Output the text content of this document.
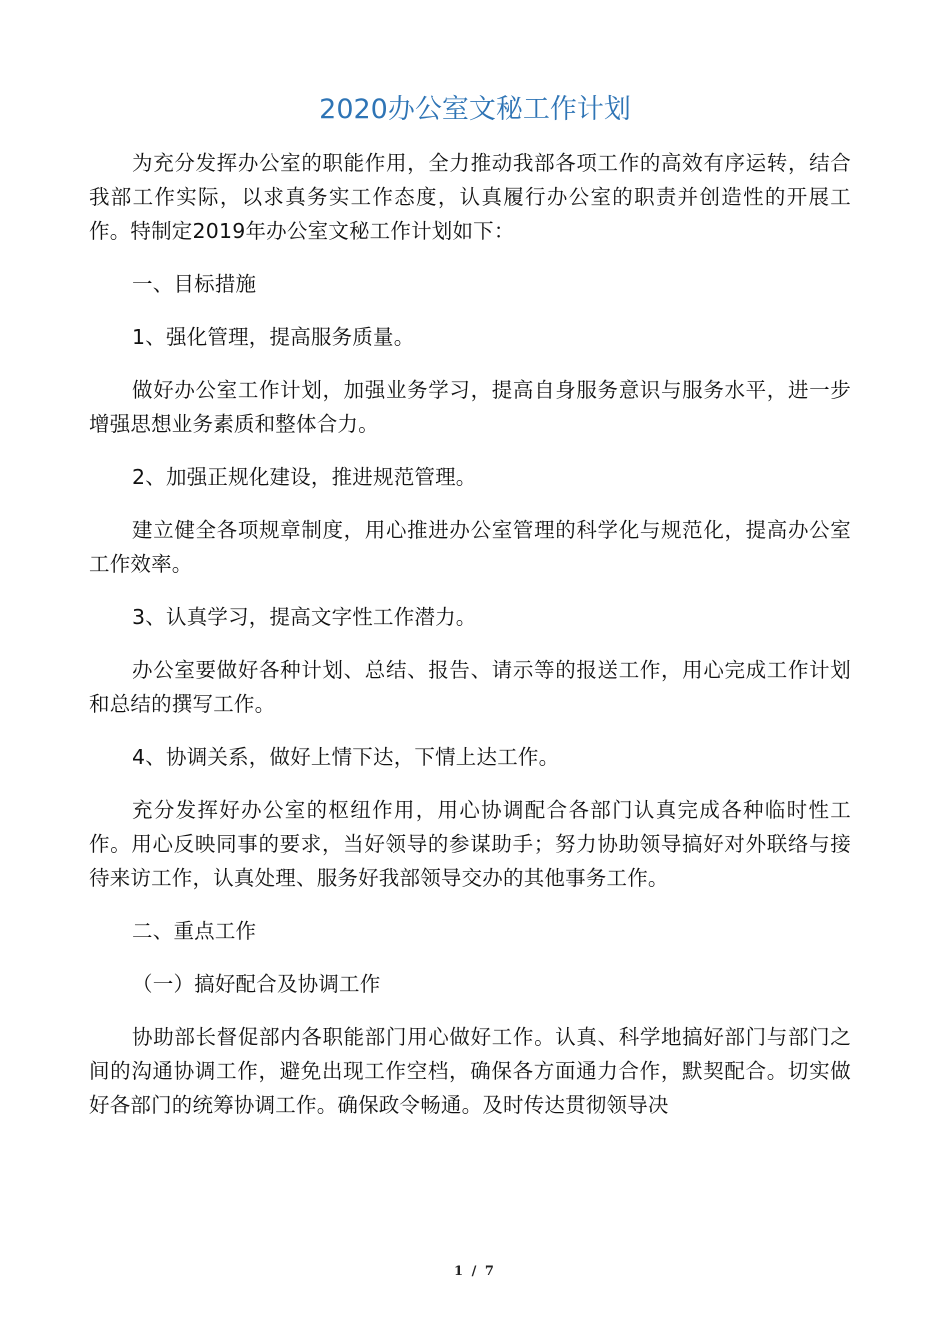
2020办公室文秘工作计划

为充分发挥办公室的职能作用，全力推动我部各项工作的高效有序运转，结合我部工作实际，以求真务实工作态度，认真履行办公室的职责并创造性的开展工作。特制定2019年办公室文秘工作计划如下：

一、目标措施

1、强化管理，提高服务质量。

做好办公室工作计划，加强业务学习，提高自身服务意识与服务水平，进一步增强思想业务素质和整体合力。

2、加强正规化建设，推进规范管理。

建立健全各项规章制度，用心推进办公室管理的科学化与规范化，提高办公室工作效率。

3、认真学习，提高文字性工作潜力。

办公室要做好各种计划、总结、报告、请示等的报送工作，用心完成工作计划和总结的撰写工作。

4、协调关系，做好上情下达，下情上达工作。

充分发挥好办公室的枢纽作用，用心协调配合各部门认真完成各种临时性工作。用心反映同事的要求，当好领导的参谋助手；努力协助领导搞好对外联络与接待来访工作，认真处理、服务好我部领导交办的其他事务工作。

二、重点工作

（一）搞好配合及协调工作

协助部长督促部内各职能部门用心做好工作。认真、科学地搞好部门与部门之间的沟通协调工作，避免出现工作空档，确保各方面通力合作，默契配合。切实做好各部门的统筹协调工作。确保政令畅通。及时传达贯彻领导决

1 / 7
